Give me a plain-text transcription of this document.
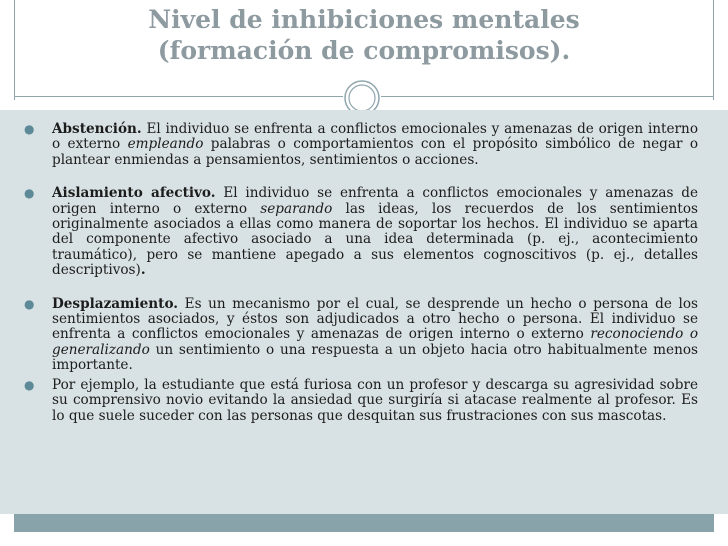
Nivel de inhibiciones mentales
(formación de compromisos).
● Abstención. El individuo se enfrenta a conflictos emocionales y amenazas de origen interno o externo empleando palabras o comportamientos con el propósito simbólico de negar o plantear enmiendas a pensamientos, sentimientos o acciones.
● Aislamiento afectivo. El individuo se enfrenta a conflictos emocionales y amenazas de origen interno o externo separando las ideas, los recuerdos de los sentimientos originalmente asociados a ellas como manera de soportar los hechos. El individuo se aparta del componente afectivo asociado a una idea determinada (p. ej., acontecimiento traumático), pero se mantiene apegado a sus elementos cognoscitivos (p. ej., detalles descriptivos).
● Desplazamiento. Es un mecanismo por el cual, se desprende un hecho o persona de los sentimientos asociados, y éstos son adjudicados a otro hecho o persona. El individuo se enfrenta a conflictos emocionales y amenazas de origen interno o externo reconociendo o generalizando un sentimiento o una respuesta a un objeto hacia otro habitualmente menos importante.
● Por ejemplo, la estudiante que está furiosa con un profesor y descarga su agresividad sobre su comprensivo novio evitando la ansiedad que surgiría si atacase realmente al profesor. Es lo que suele suceder con las personas que desquitan sus frustraciones con sus mascotas.
